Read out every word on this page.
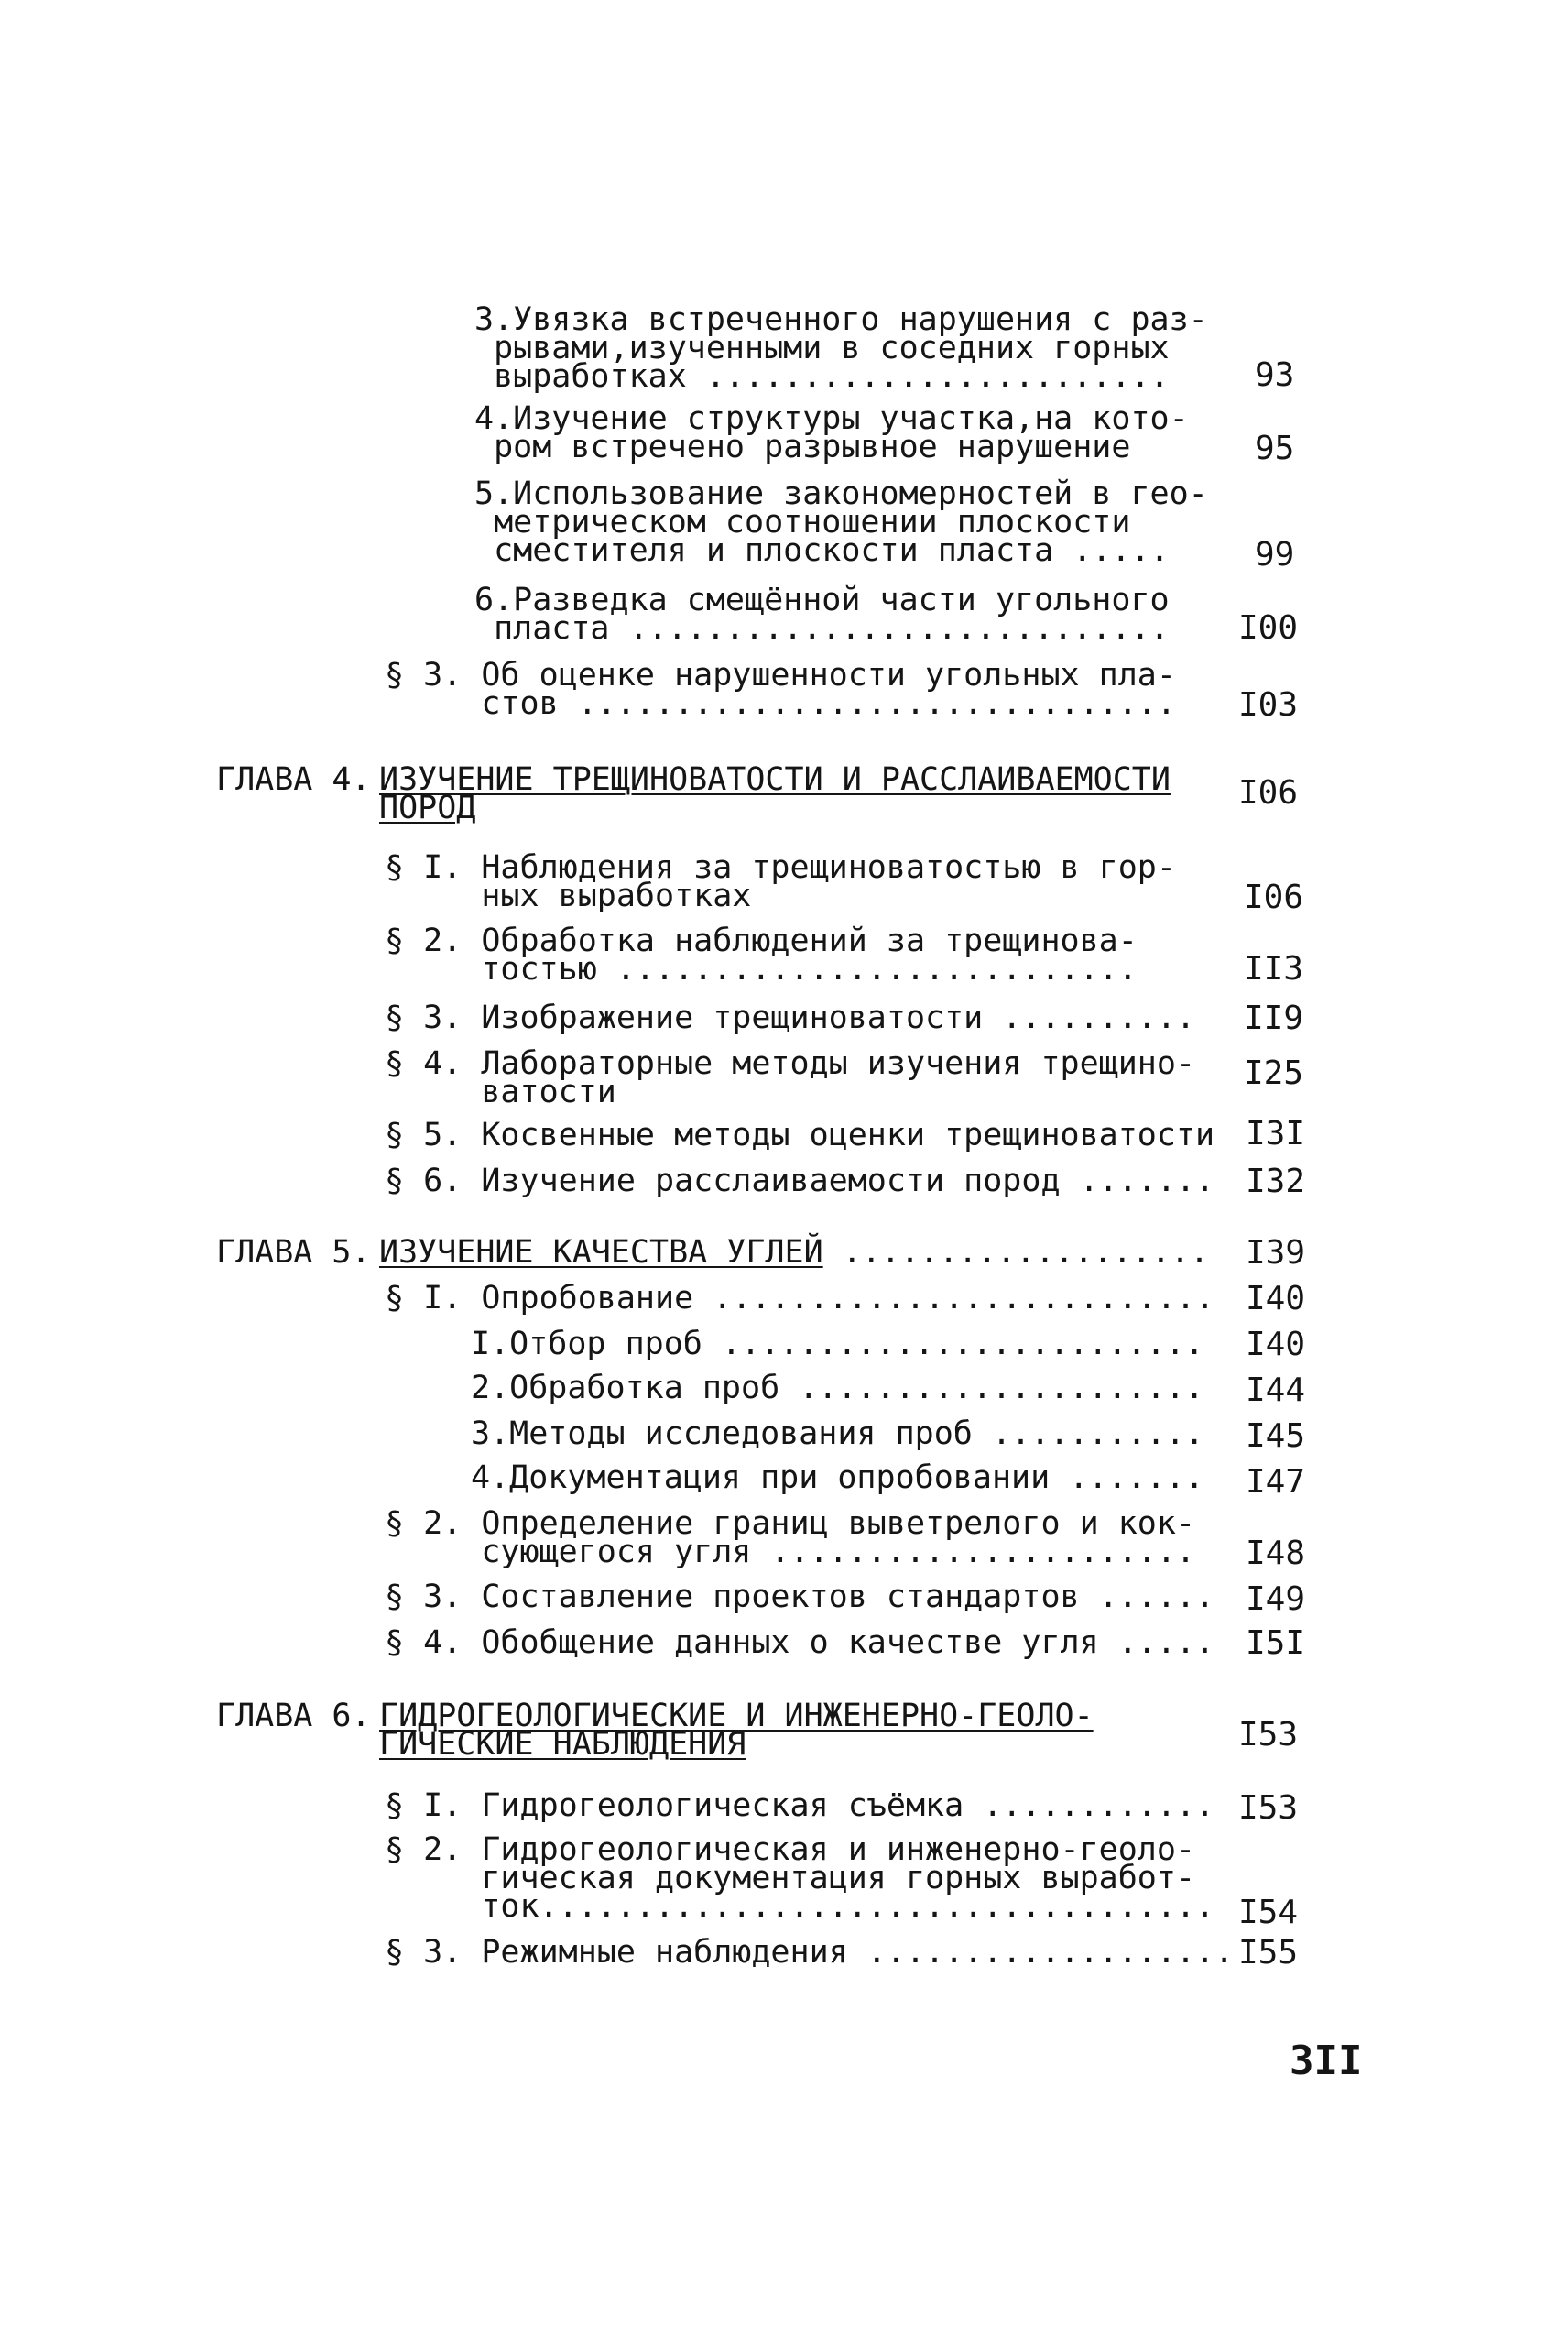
3.Увязка встреченного нарушения с раз-
рывами,изученными в соседних горных
выработках ........................	93
4.Изучение структуры участка,на кото-
ром встречено разрывное нарушение	95
5.Использование закономерностей в гео-
метрическом соотношении плоскости
сместителя и плоскости пласта .....	99
6.Разведка смещённой части угольного
пласта ............................ I00
§ 3. Об оценке нарушенности угольных пла-
стов ............................... I03
ГЛАВА 4. ИЗУЧЕНИЕ ТРЕЩИНОВАТОСТИ И РАССЛАИВАЕМОСТИ
ПОРОД	I06
§ I. Наблюдения за трещиноватостью в гор-
ных выработках	I06
§ 2. Обработка наблюдений за трещинова-
тостью ...........................	II3
§ 3. Изображение трещиноватости .......... II9
§ 4. Лабораторные методы изучения трещино-
ватости	I25
§ 5. Косвенные методы оценки трещиноватости I3I
§ 6. Изучение расслаиваемости пород ....... I32
ГЛАВА 5. ИЗУЧЕНИЕ КАЧЕСТВА УГЛЕЙ ................... I39
§ I. Опробование .......................... I40
I.Отбор проб ......................... I40
2.Обработка проб ..................... I44
3.Методы исследования проб ........... I45
4.Документация при опробовании ....... I47
§ 2. Определение границ выветрелого и кок-
сующегося угля ...................... I48
§ 3. Составление проектов стандартов ...... I49
§ 4. Обобщение данных о качестве угля ..... I5I
ГЛАВА 6. ГИДРОГЕОЛОГИЧЕСКИЕ И ИНЖЕНЕРНО-ГЕОЛО-
ГИЧЕСКИЕ НАБЛЮДЕНИЯ	I53
§ I. Гидрогеологическая съёмка ............ I53
§ 2. Гидрогеологическая и инженерно-геоло-
гическая документация горных выработ-
ток................................... I54
§ 3. Режимные наблюдения ................... I55
3II
